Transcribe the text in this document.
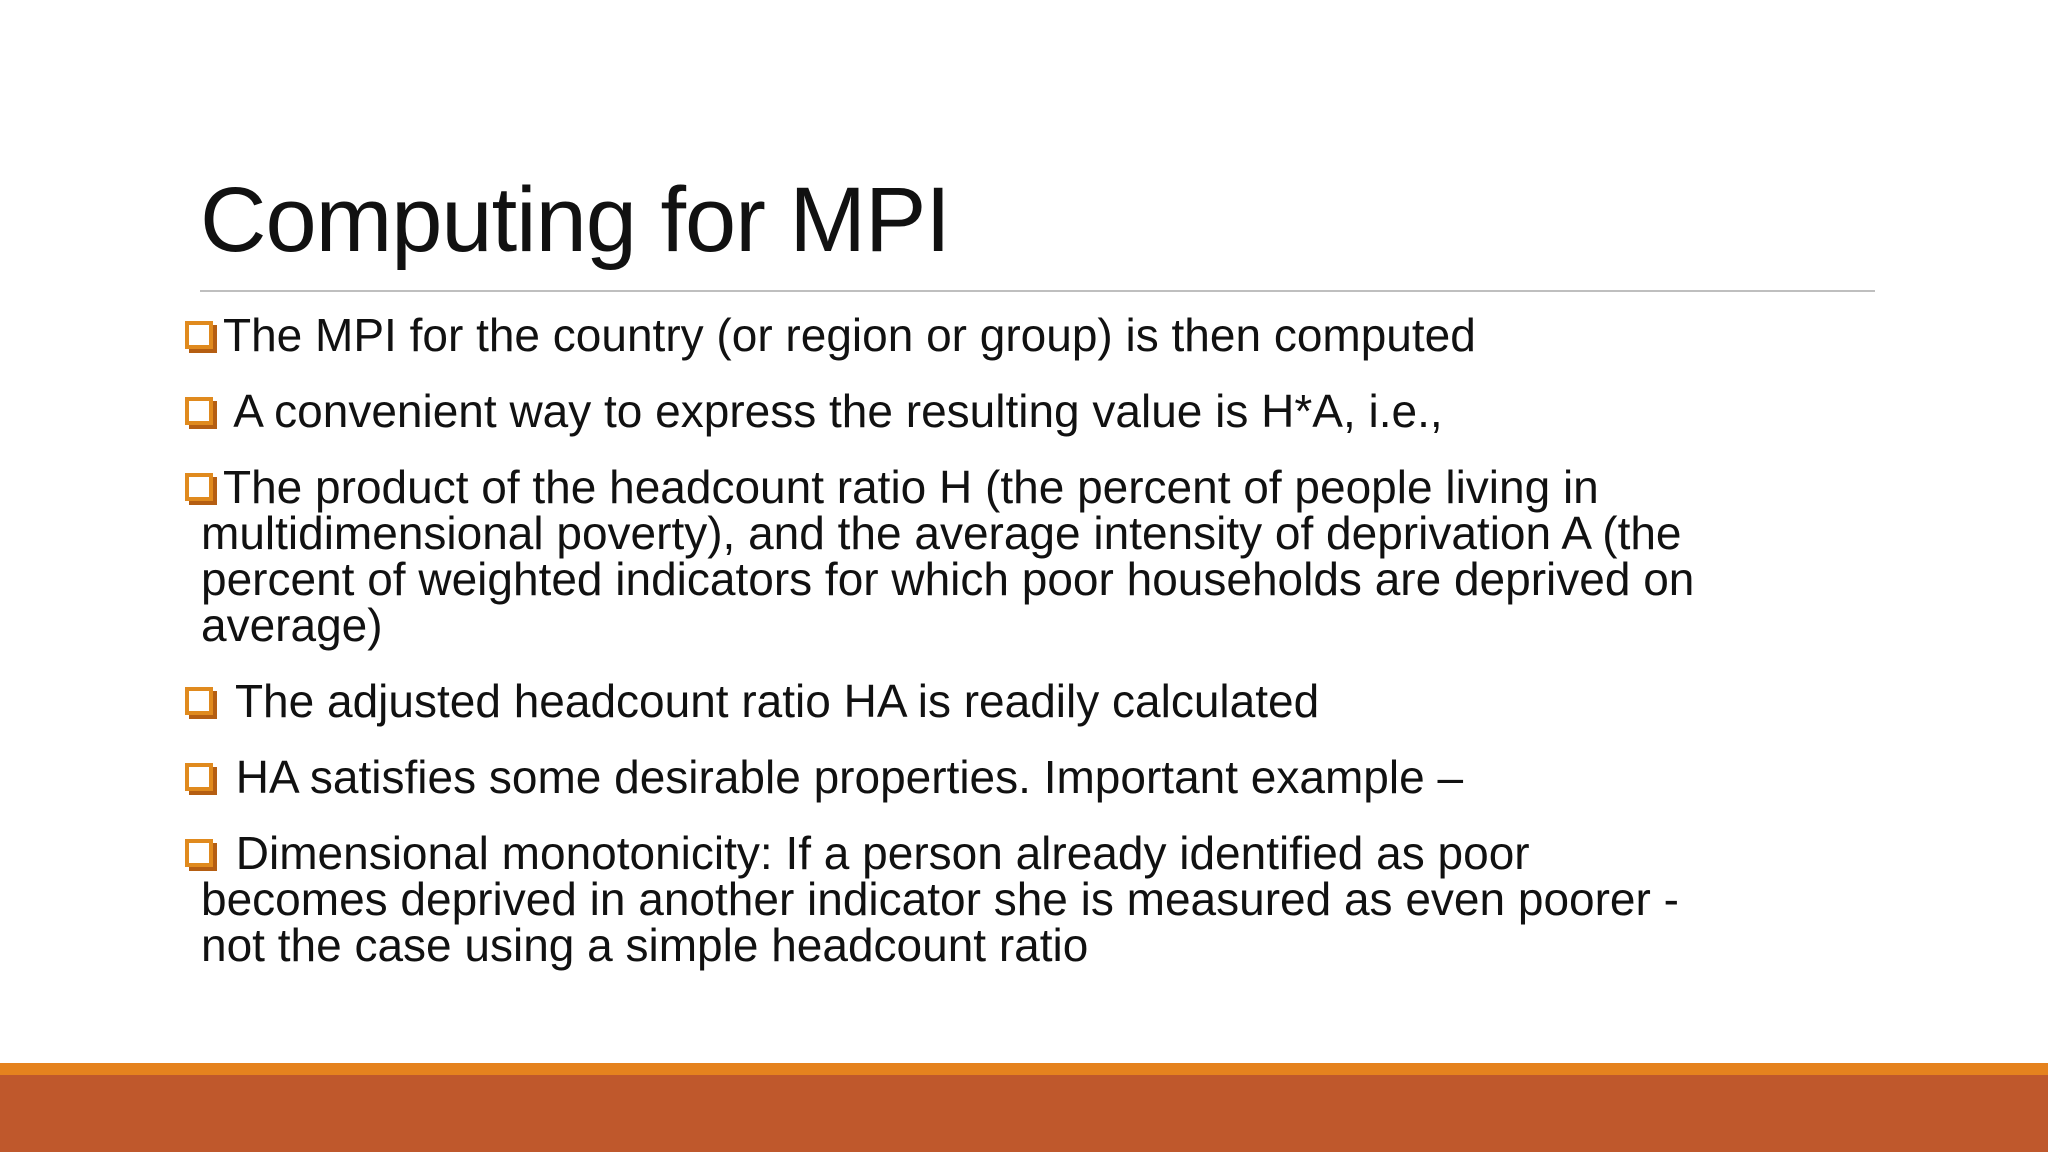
Computing for MPI
The MPI for the country (or region or group) is then computed
A convenient way to express the resulting value is H*A, i.e.,
The product of the headcount ratio H (the percent of people living in
multidimensional poverty), and the average intensity of deprivation A (the
percent of weighted indicators for which poor households are deprived on
average)
The adjusted headcount ratio HA is readily calculated
HA satisfies some desirable properties. Important example –
Dimensional monotonicity: If a person already identified as poor
becomes deprived in another indicator she is measured as even poorer -
not the case using a simple headcount ratio
